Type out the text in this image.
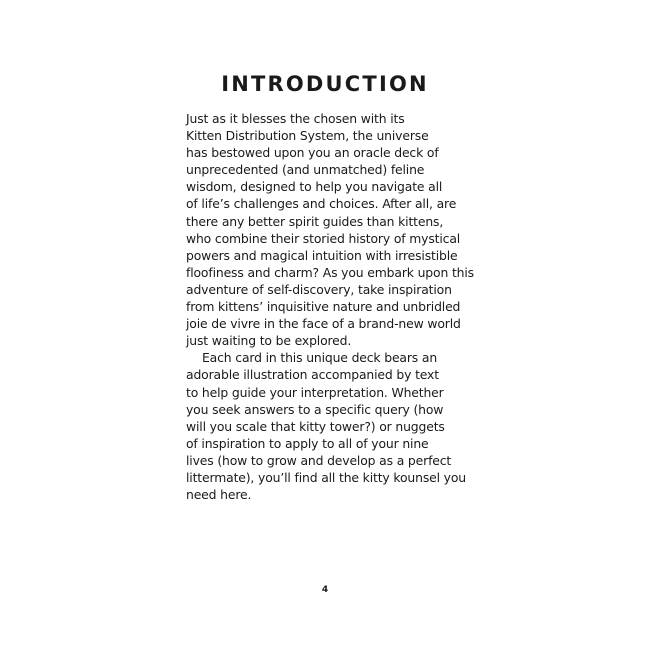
INTRODUCTION
Just as it blesses the chosen with its
Kitten Distribution System, the universe
has bestowed upon you an oracle deck of
unprecedented (and unmatched) feline
wisdom, designed to help you navigate all
of life’s challenges and choices. After all, are
there any better spirit guides than kittens,
who combine their storied history of mystical
powers and magical intuition with irresistible
floofiness and charm? As you embark upon this
adventure of self-discovery, take inspiration
from kittens’ inquisitive nature and unbridled
joie de vivre in the face of a brand-new world
just waiting to be explored.
Each card in this unique deck bears an
adorable illustration accompanied by text
to help guide your interpretation. Whether
you seek answers to a specific query (how
will you scale that kitty tower?) or nuggets
of inspiration to apply to all of your nine
lives (how to grow and develop as a perfect
littermate), you’ll find all the kitty kounsel you
need here.
4
